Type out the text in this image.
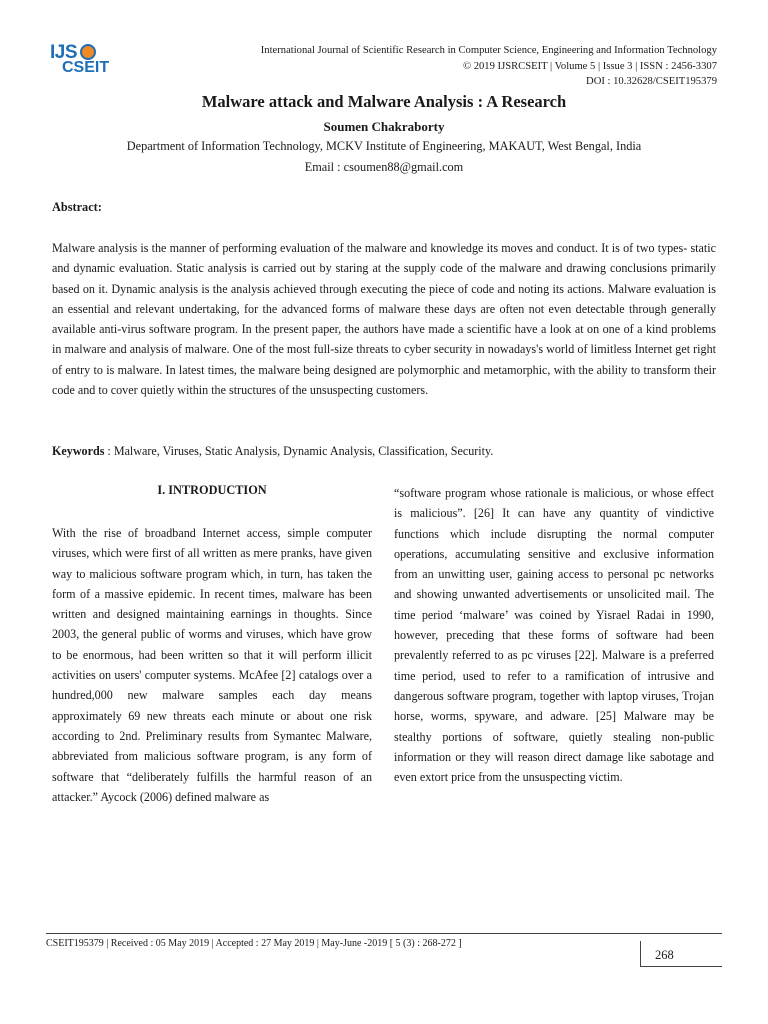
IJS
CSEIT
International Journal of Scientific Research in Computer Science, Engineering and Information Technology
© 2019 IJSRCSEIT | Volume 5 | Issue 3 | ISSN : 2456-3307
DOI : 10.32628/CSEIT195379
Malware attack and Malware Analysis : A Research
Soumen Chakraborty
Department of Information Technology, MCKV Institute of Engineering, MAKAUT, West Bengal, India
Email : csoumen88@gmail.com
Abstract:
Malware analysis is the manner of performing evaluation of the malware and knowledge its moves and conduct. It is of two types- static and dynamic evaluation. Static analysis is carried out by staring at the supply code of the malware and drawing conclusions primarily based on it. Dynamic analysis is the analysis achieved through executing the piece of code and noting its actions. Malware evaluation is an essential and relevant undertaking, for the advanced forms of malware these days are often not even detectable through generally available anti-virus software program. In the present paper, the authors have made a scientific have a look at on one of a kind problems in malware and analysis of malware. One of the most full-size threats to cyber security in nowadays's world of limitless Internet get right of entry to is malware. In latest times, the malware being designed are polymorphic and metamorphic, with the ability to transform their code and to cover quietly within the structures of the unsuspecting customers.
Keywords : Malware, Viruses, Static Analysis, Dynamic Analysis, Classification, Security.
I. INTRODUCTION
With the rise of broadband Internet access, simple computer viruses, which were first of all written as mere pranks, have given way to malicious software program which, in turn, has taken the form of a massive epidemic. In recent times, malware has been written and designed maintaining earnings in thoughts. Since 2003, the general public of worms and viruses, which have grow to be enormous, had been written so that it will perform illicit activities on users' computer systems. McAfee [2] catalogs over a hundred,000 new malware samples each day means approximately 69 new threats each minute or about one risk according to 2nd. Preliminary results from Symantec Malware, abbreviated from malicious software program, is any form of software that “deliberately fulfills the harmful reason of an attacker.” Aycock (2006) defined malware as
“software program whose rationale is malicious, or whose effect is malicious”. [26] It can have any quantity of vindictive functions which include disrupting the normal computer operations, accumulating sensitive and exclusive information from an unwitting user, gaining access to personal pc networks and showing unwanted advertisements or unsolicited mail. The time period ‘malware’ was coined by Yisrael Radai in 1990, however, preceding that these forms of software had been prevalently referred to as pc viruses [22]. Malware is a preferred time period, used to refer to a ramification of intrusive and dangerous software program, together with laptop viruses, Trojan horse, worms, spyware, and adware. [25] Malware may be stealthy portions of software, quietly stealing non-public information or they will reason direct damage like sabotage and even extort price from the unsuspecting victim.
CSEIT195379 | Received : 05 May 2019 | Accepted : 27 May 2019 | May-June -2019 [ 5 (3) : 268-272 ]
268
